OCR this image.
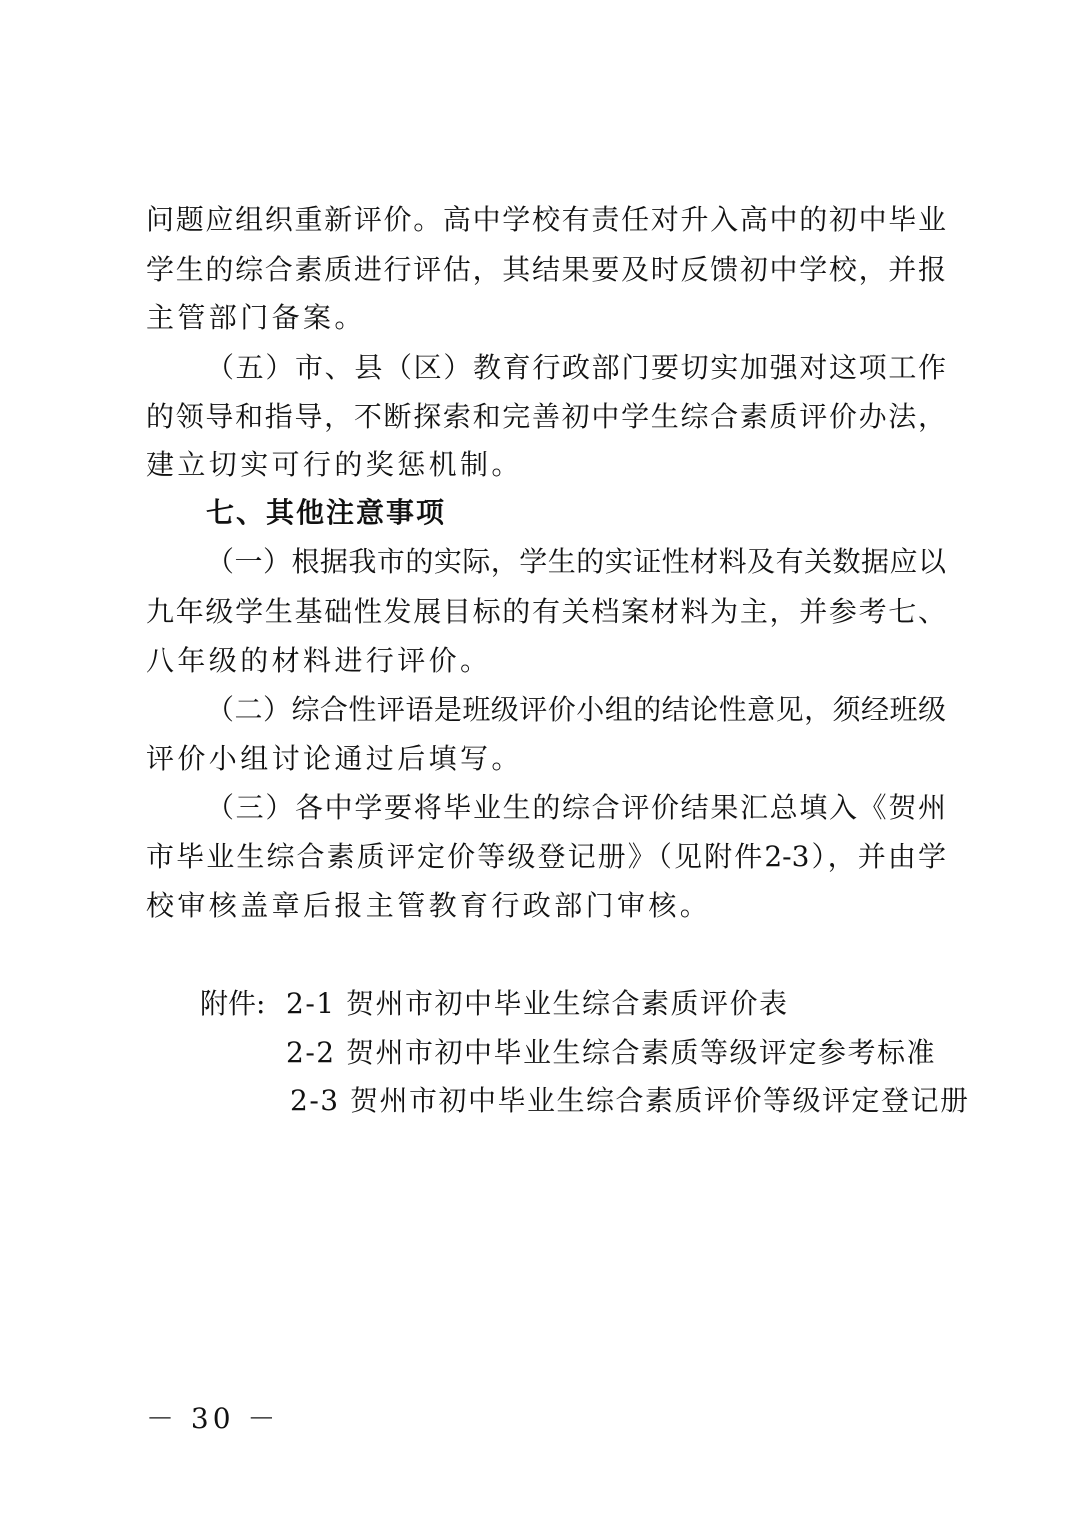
问题应组织重新评价。高中学校有责任对升入高中的初中毕业
学生的综合素质进行评估，其结果要及时反馈初中学校，并报
主管部门备案。
（五）市、县（区）教育行政部门要切实加强对这项工作
的领导和指导，不断探索和完善初中学生综合素质评价办法，
建立切实可行的奖惩机制。
七、其他注意事项
（一）根据我市的实际，学生的实证性材料及有关数据应以
九年级学生基础性发展目标的有关档案材料为主，并参考七、
八年级的材料进行评价。
（二）综合性评语是班级评价小组的结论性意见，须经班级
评价小组讨论通过后填写。
（三）各中学要将毕业生的综合评价结果汇总填入《贺州
市毕业生综合素质评定价等级登记册》（见附件2-3），并由学
校审核盖章后报主管教育行政部门审核。
附件: 2-1 贺州市初中毕业生综合素质评价表
2-2 贺州市初中毕业生综合素质等级评定参考标准
2-3 贺州市初中毕业生综合素质评价等级评定登记册
－ 30 －
